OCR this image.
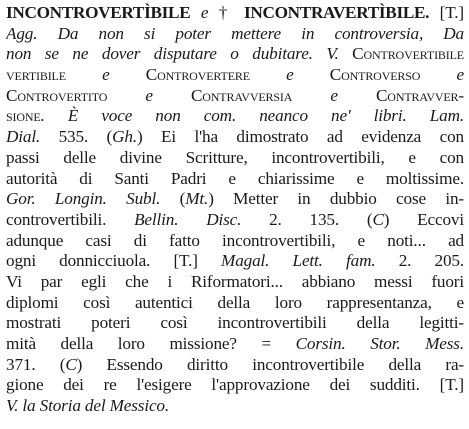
INCONTROVERTÌBILE e † INCONTRAVERTÌBILE. [T.]
Agg. Da non si poter mettere in controversia, Da
non se ne dover disputare o dubitare. V. Controvertibile
vertibile e Controvertere e Controverso e
Controvertito e Contravversia e Contravver-
sione. È voce non com. neanco ne' libri. Lam.
Dial. 535. (Gh.) Ei l'ha dimostrato ad evidenza con
passi delle divine Scritture, incontrovertibili, e con
autorità di Santi Padri e chiarissime e moltissime.
Gor. Longin. Subl. (Mt.) Metter in dubbio cose in-
controvertibili. Bellin. Disc. 2. 135. (C) Eccovi
adunque casi di fatto incontrovertibili, e noti... ad
ogni donnicciuola. [T.] Magal. Lett. fam. 2. 205.
Vi par egli che i Riformatori... abbiano messi fuori
diplomi così autentici della loro rappresentanza, e
mostrati poteri così incontrovertibili della legitti-
mità della loro missione? = Corsin. Stor. Mess.
371. (C) Essendo diritto incontrovertibile della ra-
gione dei re l'esigere l'approvazione dei sudditi. [T.]
V. la Storia del Messico.
